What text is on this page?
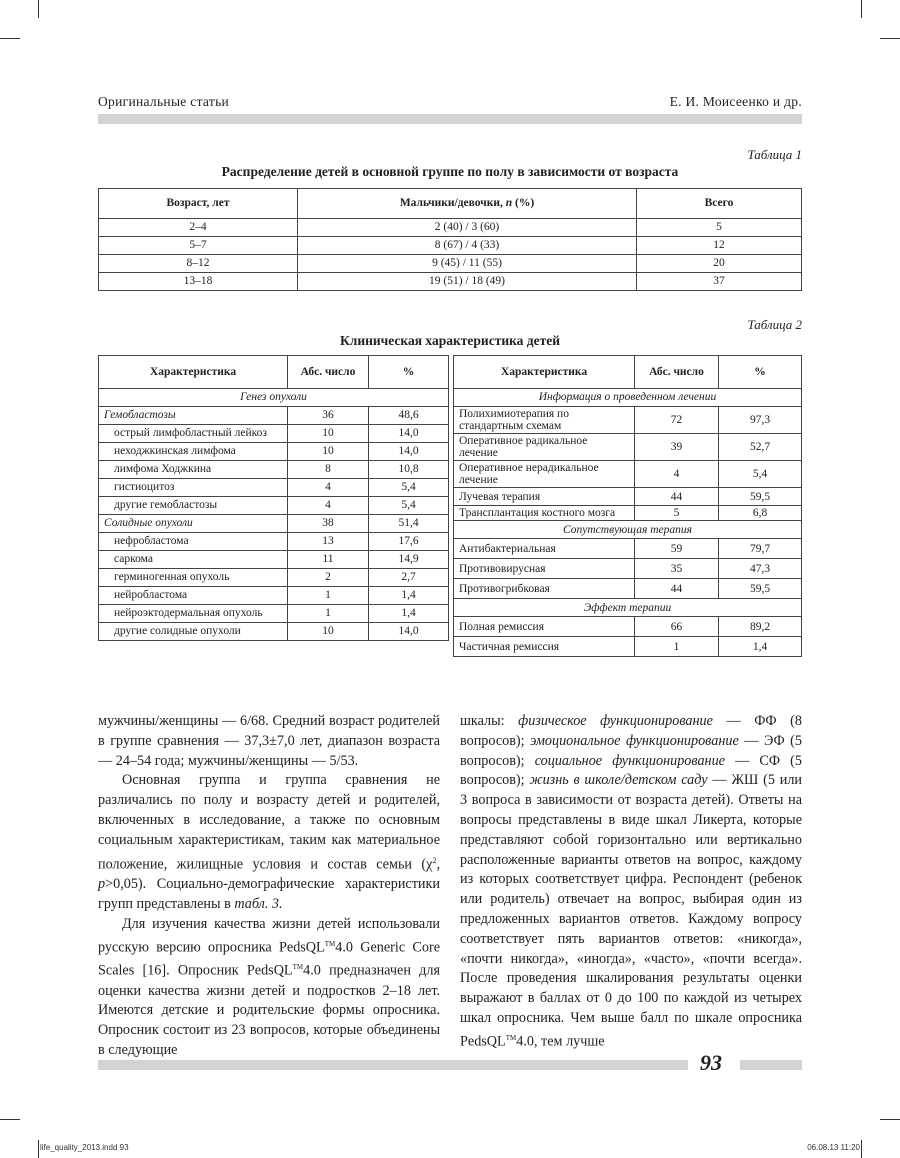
Оригинальные статьи	Е. И. Моисеенко и др.
Таблица 1
Распределение детей в основной группе по полу в зависимости от возраста
Возраст, лет	Мальчики/девочки, n (%)	Всего
2–4	2 (40) / 3 (60)	5
5–7	8 (67) / 4 (33)	12
8–12	9 (45) / 11 (55)	20
13–18	19 (51) / 18 (49)	37
Таблица 2
Клиническая характеристика детей
Характеристика	Абс. число	%
Генез опухоли		
Гемобластозы	36	48,6
острый лимфобластный лейкоз	10	14,0
неходжкинская лимфома	10	14,0
лимфома Ходжкина	8	10,8
гистиоцитоз	4	5,4
другие гемобластозы	4	5,4
Солидные опухоли	38	51,4
нефробластома	13	17,6
саркома	11	14,9
герминогенная опухоль	2	2,7
нейробластома	1	1,4
нейроэктодермальная опухоль	1	1,4
другие солидные опухоли	10	14,0
Характеристика	Абс. число	%
Информация о проведенном лечении		
Полихимиотерапия по стандартным схемам	72	97,3
Оперативное радикальное лечение	39	52,7
Оперативное нерадикальное лечение	4	5,4
Лучевая терапия	44	59,5
Трансплантация костного мозга	5	6,8
Сопутствующая терапия		
Антибактериальная	59	79,7
Противовирусная	35	47,3
Противогрибковая	44	59,5
Эффект терапии		
Полная ремиссия	66	89,2
Частичная ремиссия	1	1,4

мужчины/женщины — 6/68. Средний возраст родителей в группе сравнения — 37,3±7,0 лет, диапазон возраста — 24–54 года; мужчины/женщины — 5/53.

Основная группа и группа сравнения не различались по полу и возрасту детей и родителей, включенных в исследование, а также по основным социальным характеристикам, таким как материальное положение, жилищные условия и состав семьи ($\chi^2$, p>0,05). Социально-демографические характеристики групп представлены в табл. 3.

Для изучения качества жизни детей использовали русскую версию опросника PedsQL™4.0 Generic Core Scales [16]. Опросник PedsQL™4.0 предназначен для оценки качества жизни детей и подростков 2–18 лет. Имеются детские и родительские формы опросника. Опросник состоит из 23 вопросов, которые объединены в следующие

шкалы: физическое функционирование — ФФ (8 вопросов); эмоциональное функционирование — ЭФ (5 вопросов); социальное функционирование — СФ (5 вопросов); жизнь в школе/детском саду — ЖШ (5 или 3 вопроса в зависимости от возраста детей). Ответы на вопросы представлены в виде шкал Ликерта, которые представляют собой горизонтально или вертикально расположенные варианты ответов на вопрос, каждому из которых соответствует цифра. Респондент (ребенок или родитель) отвечает на вопрос, выбирая один из предложенных вариантов ответов. Каждому вопросу соответствует пять вариантов ответов: «никогда», «почти никогда», «иногда», «часто», «почти всегда». После проведения шкалирования результаты оценки выражают в баллах от 0 до 100 по каждой из четырех шкал опросника. Чем выше балл по шкале опросника PedsQL™4.0, тем лучше

93
life_quality_2013.indd 93	06.08.13 11:20
